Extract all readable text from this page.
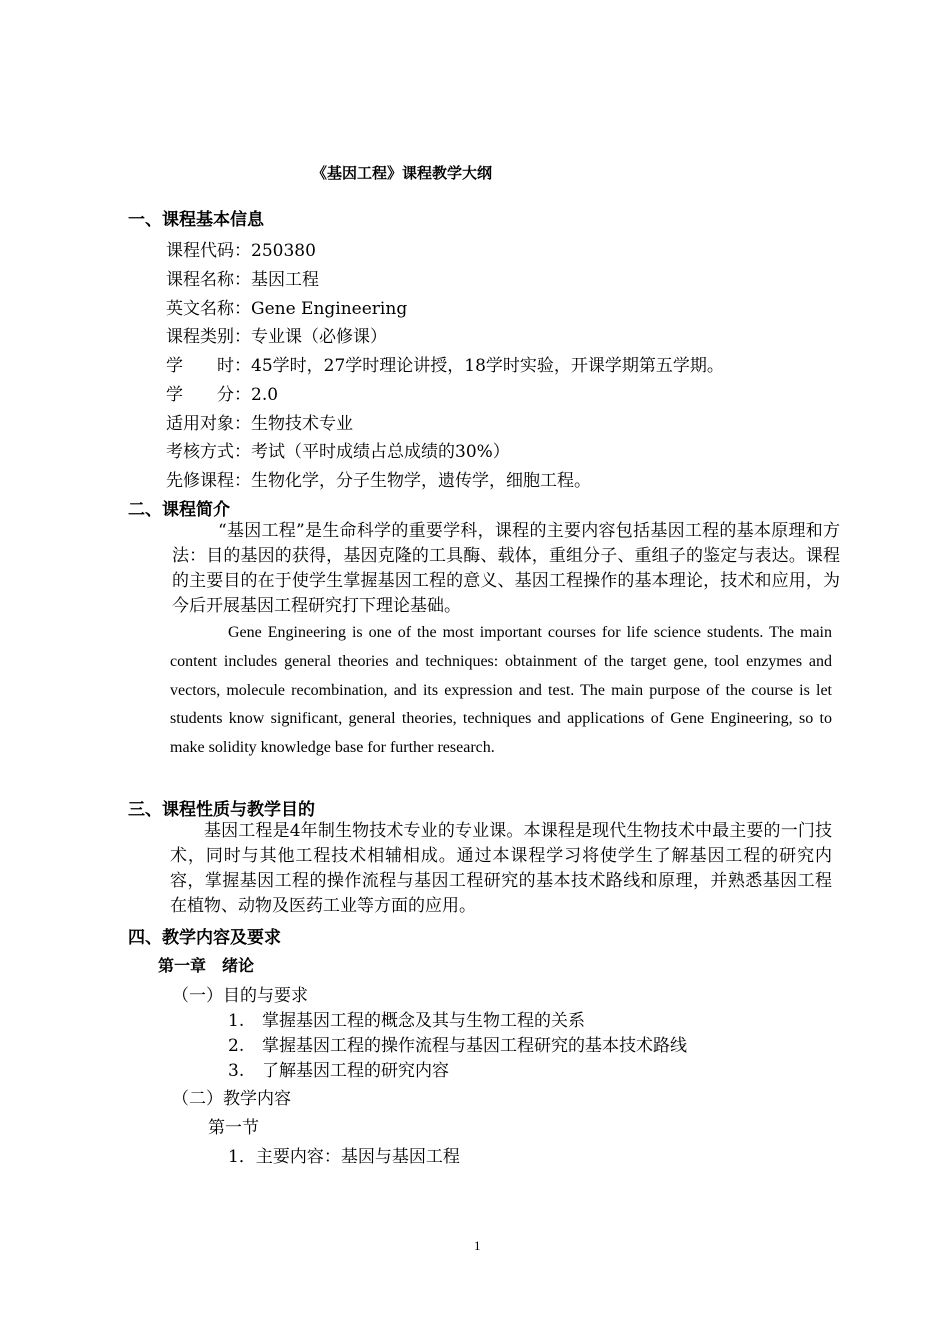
《基因工程》课程教学大纲
一、课程基本信息
课程代码：250380
课程名称：基因工程
英文名称：Gene Engineering
课程类别：专业课（必修课）
学　　时：45学时，27学时理论讲授，18学时实验，开课学期第五学期。
学　　分：2.0
适用对象：生物技术专业
考核方式：考试（平时成绩占总成绩的30%）
先修课程：生物化学，分子生物学，遗传学，细胞工程。
二、课程简介
“基因工程”是生命科学的重要学科，课程的主要内容包括基因工程的基本原理和方法：目的基因的获得，基因克隆的工具酶、载体，重组分子、重组子的鉴定与表达。课程的主要目的在于使学生掌握基因工程的意义、基因工程操作的基本理论，技术和应用，为今后开展基因工程研究打下理论基础。
Gene Engineering is one of the most important courses for life science students. The main content includes general theories and techniques: obtainment of the target gene, tool enzymes and vectors, molecule recombination, and its expression and test. The main purpose of the course is let students know significant, general theories, techniques and applications of Gene Engineering, so to make solidity knowledge base for further research.
三、课程性质与教学目的
基因工程是4年制生物技术专业的专业课。本课程是现代生物技术中最主要的一门技术，同时与其他工程技术相辅相成。通过本课程学习将使学生了解基因工程的研究内容，掌握基因工程的操作流程与基因工程研究的基本技术路线和原理，并熟悉基因工程在植物、动物及医药工业等方面的应用。
四、教学内容及要求
第一章　绪论
（一）目的与要求
1. 掌握基因工程的概念及其与生物工程的关系
2. 掌握基因工程的操作流程与基因工程研究的基本技术路线
3. 了解基因工程的研究内容
（二）教学内容
第一节
1．主要内容：基因与基因工程
1
